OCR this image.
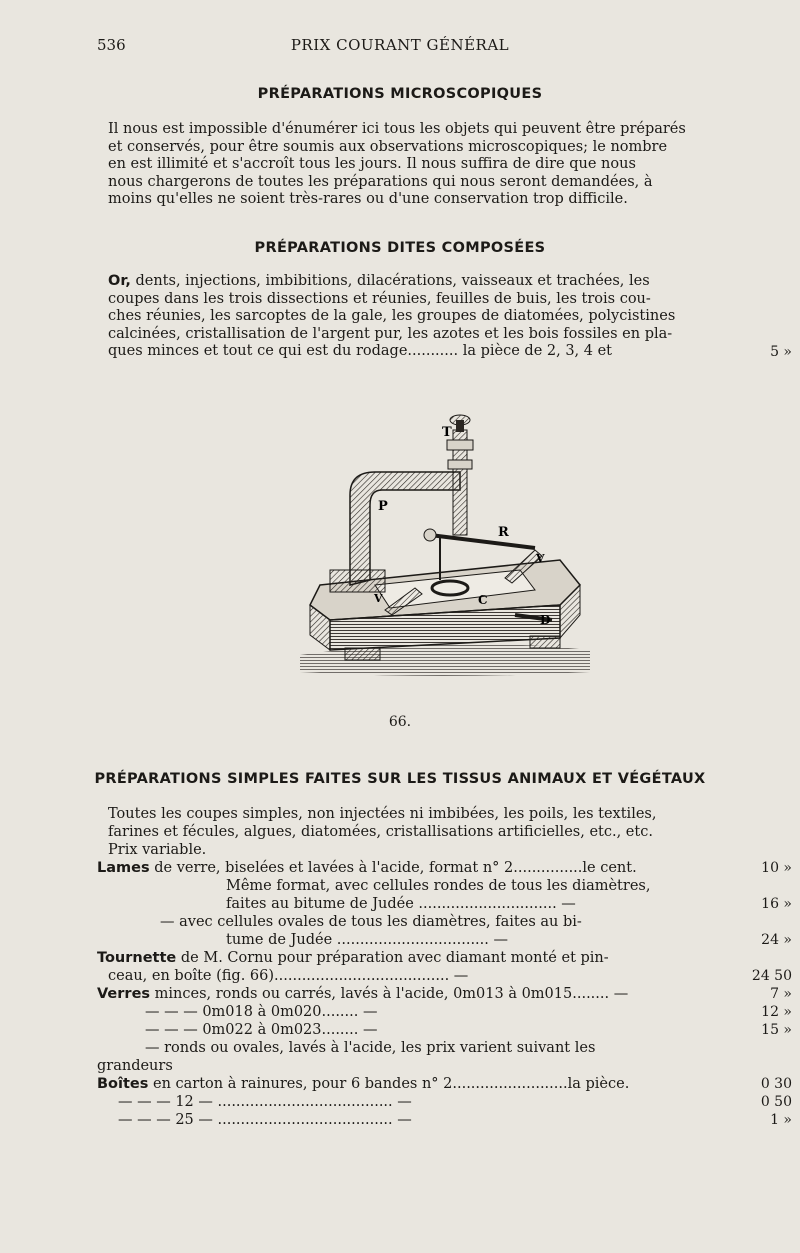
536	PRIX COURANT GÉNÉRAL
PRÉPARATIONS MICROSCOPIQUES
Il nous est impossible d'énumérer ici tous les objets qui peuvent être préparés
et conservés, pour être soumis aux observations microscopiques; le nombre
en est illimité et s'accroît tous les jours. Il nous suffira de dire que nous
nous chargerons de toutes les préparations qui nous seront demandées, à
moins qu'elles ne soient très-rares ou d'une conservation trop difficile.
PRÉPARATIONS DITES COMPOSÉES
Or, dents, injections, imbibitions, dilacérations, vaisseaux et trachées, les
coupes dans les trois dissections et réunies, feuilles de buis, les trois cou-
ches réunies, les sarcoptes de la gale, les groupes de diatomées, polycistines
calcinées, cristallisation de l'argent pur, les azotes et les bois fossiles en pla-
ques minces et tout ce qui est du rodage........... la pièce de 2, 3, 4 et	5 »
T
P
R
V
V	C
D
66.
PRÉPARATIONS SIMPLES FAITES SUR LES TISSUS ANIMAUX ET VÉGÉTAUX
Toutes les coupes simples, non injectées ni imbibées, les poils, les textiles,
farines et fécules, algues, diatomées, cristallisations artificielles, etc., etc.
Prix variable.
Lames de verre, biselées et lavées à l'acide, format n° 2...............le cent.	10 »
Même format, avec cellules rondes de tous les diamètres,
faites au bitume de Judée .............................. —	16 »
— avec cellules ovales de tous les diamètres, faites au bi-
tume de Judée ................................. —	24 »
Tournette de M. Cornu pour préparation avec diamant monté et pin-
ceau, en boîte (fig. 66)...................................... —	24 50
Verres minces, ronds ou carrés, lavés à l'acide, 0m013 à 0m015........ —	7 »
— — — 0m018 à 0m020........ —	12 »
— — — 0m022 à 0m023........ —	15 »
— ronds ou ovales, lavés à l'acide, les prix varient suivant les
grandeurs
Boîtes en carton à rainures, pour 6 bandes n° 2.........................la pièce.	0 30
— — — 12 — ...................................... —	0 50
— — — 25 — ...................................... —	1 »
